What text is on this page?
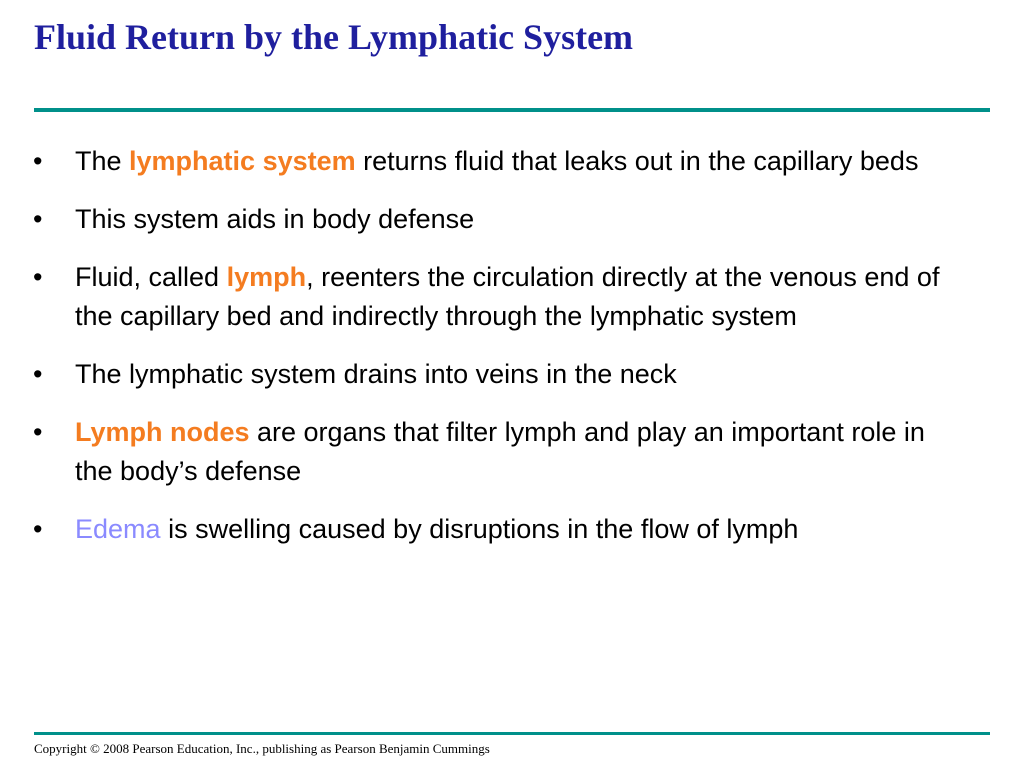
Fluid Return by the Lymphatic System
•	The lymphatic system returns fluid that leaks out in the capillary beds
•	This system aids in body defense
•	Fluid, called lymph, reenters the circulation directly at the venous end of the capillary bed and indirectly through the lymphatic system
•	The lymphatic system drains into veins in the neck
•	Lymph nodes are organs that filter lymph and play an important role in the body’s defense
•	Edema is swelling caused by disruptions in the flow of lymph
Copyright © 2008 Pearson Education, Inc., publishing as Pearson Benjamin Cummings
